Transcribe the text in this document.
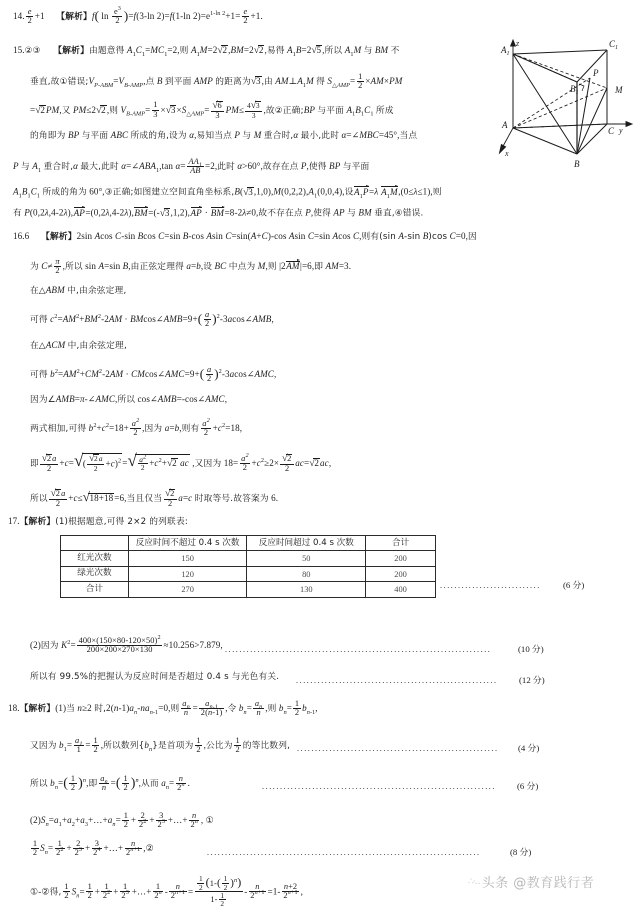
14. $\frac{e}{2} +1$ 【解析】f( $\ln \frac{e^3}{2} )=f(3-\ln$ 2)=f(1-ln $2)=e^{1-ln 2}+1= \frac{e}{2} +1$.
15.②③ 【解析】由题意得 $A_1C_1=MC_1=2$,则 $A_1M=2√2,BM=2√2$,易得 $A_1B=2√5$,所以 $A_1M$ 与 BM 不
垂直,故①错误$;V_{P-ABM}=V_{B-AMP}$,点 B 到平面 AMP 的距离为√3,由 $AM\perp A_1M$ 得 $S_{\triangle AMP}= \frac{1}{2} \times AM\times PM$
=√2PM,又 PM≤2√2,则 $V_{B-AMP}= \frac{1}{3} \times√3\times S_{\triangle AMP}= \frac{√6}{3} PM\le \frac{4√3}{3}$ ,故②正确;BP 与平面 $A_1B_1C_1$ 所成
的角即为 BP 与平面 ABC 所成的角,设为 α,易知当点 P 与 M 重合时,α 最小,此时 α=∠MBC=45°,当点
P 与 $A_1$ 重合时,α 最大,此时 $\alpha=\angle ABA_1,\tan$ $\alpha= \frac{AA_1}{AB} =2$,此时 α>60°,故存在点 P,使得 BP 与平面
$A_1B_1C_1$ 所成的角为 60°,③正确;如图建立空间直角坐标系$,B(√3,1,0),M(0,2,2),A_1(0,0,4)$,设$A_1P=\lambda$ $A_1M,(0\le\lambda\le 1)$,则
有 P(0,2λ,4-2λ),AP=(0,2λ,4-2λ),BM=(-√3,1,2),AP · BM=8-2λ≠0,故不存在点 P,使得 AP 与 BM 垂直,④错误.
$A_1$
$C_1$
$B_1$
P
M
A
C
B
z
y
x
16.6 【解析】2sin Acos C-sin Bcos C=sin B-cos Asin C=sin(A+C)-cos Asin C=sin Acos C,则有(sin A-sin B)cos C=0,因
为 $C\ne \frac{\pi}{2}$ ,所以 sin A=sin B,由正弦定理得 a=b,设 BC 中点为 M,则 |2AM|=6,即 AM=3.
在△ABM 中,由余弦定理,
可得 $c^2=AM^2+BM^2-2AM$ · BMcos∠AMB=9+( $\frac{a}{2}$ )$^2$-3acos∠AMB,
在△ACM 中,由余弦定理,
可得 $b^2=AM^2+CM^2-2AM$ · CMcos∠AMC=9+( $\frac{a}{2}$ )$^2$-3acos∠AMC,
因为∠AMB=π-∠AMC,所以 cos∠AMB=-cos∠AMC,
两式相加,可得 $b^2+c^2=18+ \frac{a^2}{2}$ ,因为 a=b,则有 $\frac{a^2}{2} +c^2=18$,
即 $\frac{√2a}{2} +c=√( \frac{√2a}{2} +c)^2=√ \frac{a^2}{2} +c^2+√2$ ac ,又因为 $18= \frac{a^2}{2} +c^2\ge 2\times \frac{√2}{2} ac=√2ac$,
所以 $\frac{√2a}{2} +c\le√18+18=6$,当且仅当 $\frac{√2}{2} a=c$ 时取等号.故答案为 6.
17.【解析】(1)根据题意,可得 2×2 的列联表:
	反应时间不超过 0.4 s 次数	反应时间超过 0.4 s 次数	合计
红光次数	150	50	200
绿光次数	120	80	200
合计	270	130	400	............................	(6 分)
(2)因为 $K^2= \frac{400\times(150\times 80-120\times 50)^2}{200\times 200\times 270\times 130} \approx 10.256>7.879$, ..........................................................................	(10 分)
所以有 99.5%的把握认为反应时间是否超过 0.4 s 与光色有关. ........................................................	(12 分)
18.【解析】(1)当 n≥2 时$,2(n-1)a_n-na_{n-1}=0$,则 $\frac{a_n}{n} = \frac{a_{n-1}}{2(n-1)}$ ,令 $b_n= \frac{a_n}{n}$ ,则 $b_n= \frac{1}{2} b_{n-1}$,
又因为 $b_1= \frac{a_1}{1} = \frac{1}{2}$ ,所以数列$\{b_n\}$是首项为 $\frac{1}{2}$ ,公比为 $\frac{1}{2}$ 的等比数列, ........................................................	(4 分)
所以 $b_n=( \frac{1}{2} )^n$,即 $\frac{a_n}{n}$ =( $\frac{1}{2} )^n$,从而 $a_n= \frac{n}{2^n}$ .	.................................................................	(6 分)
$(2)S_n=a_1+a_2+a_3+\dots+a_n= \frac{1}{2} + \frac{2}{2^2} + \frac{3}{2^3}$ +…+ $\frac{n}{2^n}$ , ①
$\frac{1}{2} S_n= \frac{1}{2^2} + \frac{2}{2^3} + \frac{3}{2^4}$ +…+ $\frac{n}{2^{n+1}}$ ,②	............................................................................	(8 分)
①-②得, $\frac{1}{2} S_n= \frac{1}{2} + \frac{1}{2^2} + \frac{1}{2^3}$ +…+ $\frac{1}{2^n} - \frac{n}{2^{n+1}} = \frac{\frac{1}{2} (1-( \frac{1}{2} )^n)}{1- \frac{1}{2}} - \frac{n}{2^{n+1}} =1- \frac{n+2}{2^{n+1}}$ ,
∴·‥ 头条 @教育践行者
